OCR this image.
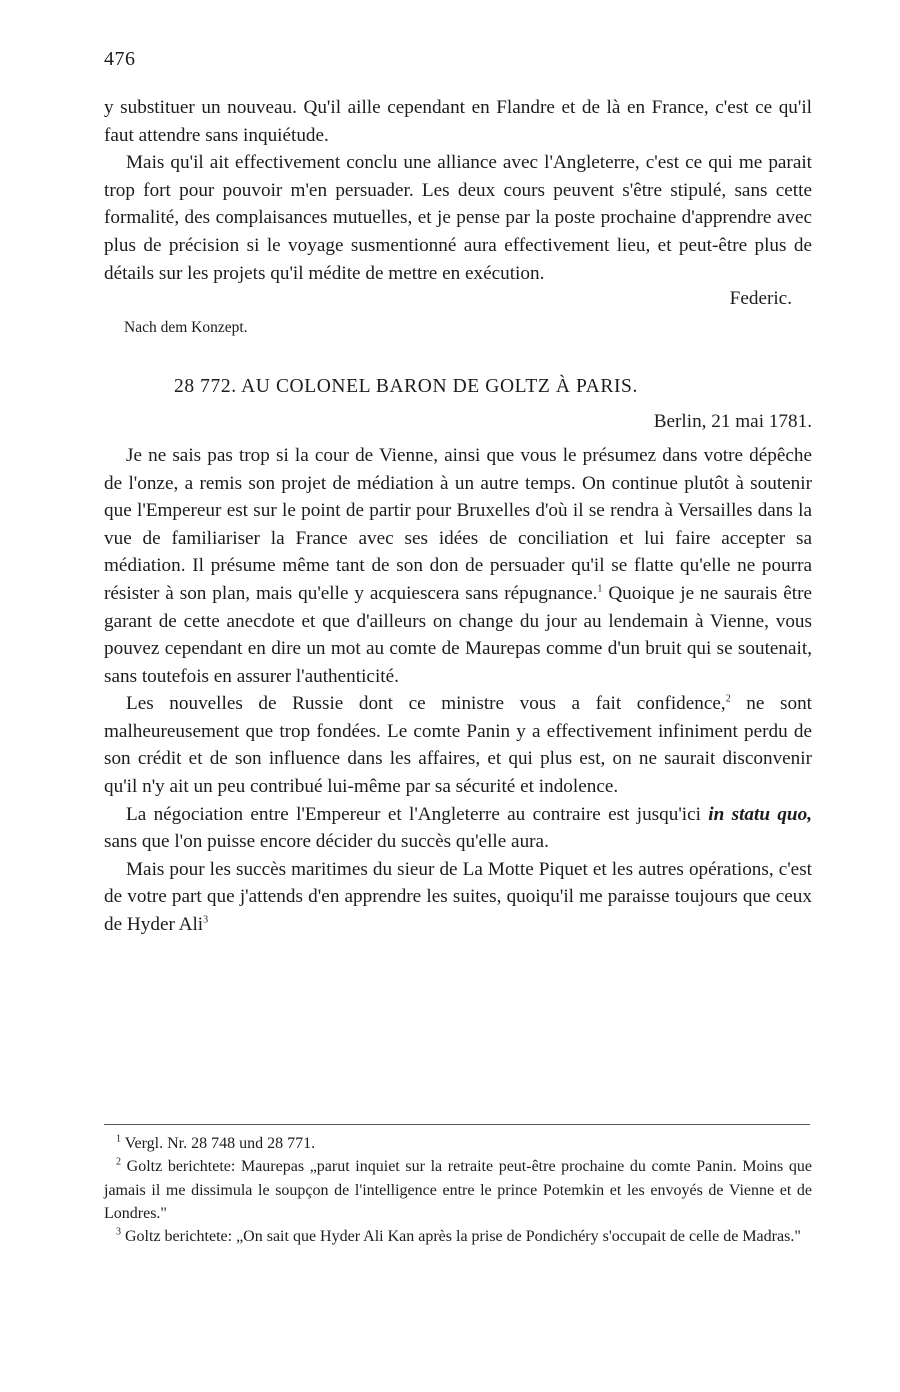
476

y substituer un nouveau. Qu'il aille cependant en Flandre et de là en France, c'est ce qu'il faut attendre sans inquiétude.

Mais qu'il ait effectivement conclu une alliance avec l'Angleterre, c'est ce qui me parait trop fort pour pouvoir m'en persuader. Les deux cours peuvent s'être stipulé, sans cette formalité, des complaisances mutuelles, et je pense par la poste prochaine d'apprendre avec plus de précision si le voyage susmentionné aura effectivement lieu, et peut-être plus de détails sur les projets qu'il médite de mettre en exécution.

Federic.

Nach dem Konzept.

28 772. AU COLONEL BARON DE GOLTZ À PARIS.

Berlin, 21 mai 1781.

Je ne sais pas trop si la cour de Vienne, ainsi que vous le présumez dans votre dépêche de l'onze, a remis son projet de médiation à un autre temps. On continue plutôt à soutenir que l'Empereur est sur le point de partir pour Bruxelles d'où il se rendra à Versailles dans la vue de familiariser la France avec ses idées de conciliation et lui faire accepter sa médiation. Il présume même tant de son don de persuader qu'il se flatte qu'elle ne pourra résister à son plan, mais qu'elle y acquiescera sans répugnance.$^1$ Quoique je ne saurais être garant de cette anecdote et que d'ailleurs on change du jour au lendemain à Vienne, vous pouvez cependant en dire un mot au comte de Maurepas comme d'un bruit qui se soutenait, sans toutefois en assurer l'authenticité.

Les nouvelles de Russie dont ce ministre vous a fait confidence,$^2$ ne sont malheureusement que trop fondées. Le comte Panin y a effectivement infiniment perdu de son crédit et de son influence dans les affaires, et qui plus est, on ne saurait disconvenir qu'il n'y ait un peu contribué lui-même par sa sécurité et indolence.

La négociation entre l'Empereur et l'Angleterre au contraire est jusqu'ici in statu quo, sans que l'on puisse encore décider du succès qu'elle aura.

Mais pour les succès maritimes du sieur de La Motte Piquet et les autres opérations, c'est de votre part que j'attends d'en apprendre les suites, quoiqu'il me paraisse toujours que ceux de Hyder Ali$^3$

$^1$ Vergl. Nr. 28 748 und 28 771.

$^2$ Goltz berichtete: Maurepas „parut inquiet sur la retraite peut-être prochaine du comte Panin. Moins que jamais il me dissimula le soupçon de l'intelligence entre le prince Potemkin et les envoyés de Vienne et de Londres."

$^3$ Goltz berichtete: „On sait que Hyder Ali Kan après la prise de Pondichéry s'occupait de celle de Madras."
